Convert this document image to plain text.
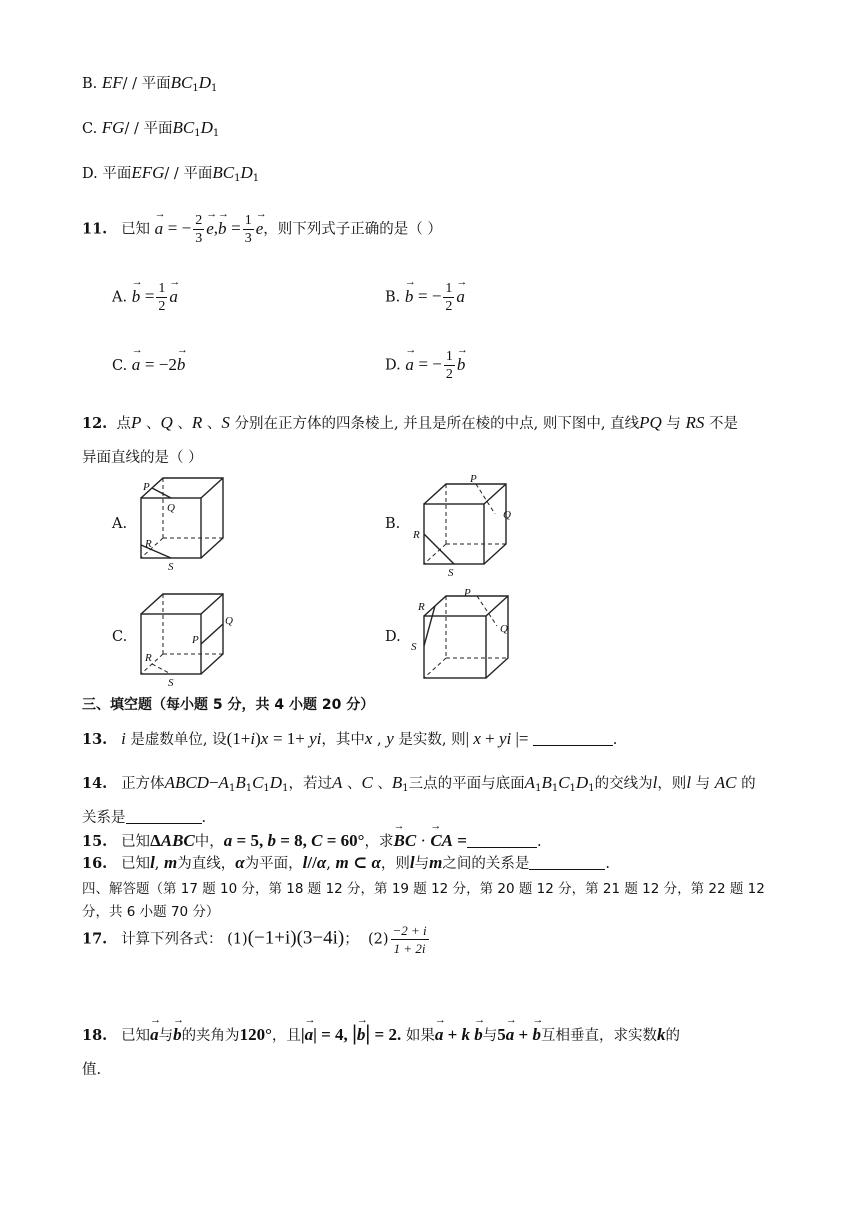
B. EF/ / 平面$BC_1D_1$
C. FG/ / 平面$BC_1D_1$
D. 平面EFG/ / 平面$BC_1D_1$
11. 已知 → a = − $\frac{2}{3}$
→ $e,\to b = \frac{1}{3}$
→ e，则下列式子正确的是（ ）
A. → $b = \frac{1}{2}$
→ a	B. → b = − $\frac{1}{2}$
→ a
C. → a = −2→ b	D. → a = − $\frac{1}{2}$
→ b
12. 点P 、Q 、R 、S 分别在正方体的四条棱上, 并且是所在棱的中点, 则下图中, 直线PQ 与 RS 不是
异面直线的是（ ）
A.	B.
C.	D.
P
Q
R
S
P
Q
R
S
Q
P
R
S
P
Q
R
S
三、填空题（每小题 5 分，共 4 小题 20 分）
13. i 是虚数单位, 设(1+i)x = 1+ yi，其中x , y 是实数, 则| x + yi |=	.
14. 正方体$ABCD-A_1B_1C_1D_1$，若过A 、C 、$B_1$三点的平面与底面$A_1B_1C_1D_1$的交线为l，则l 与 AC 的
关系是	.
15. 已知ΔABC中，a = 5, b = 8, C = 60°，求→ BC · → CA =	.
16. 已知l, m为直线，α为平面，l//α, m ⊂ α，则l与m之间的关系是	.
四、解答题（第 17 题 10 分，第 18 题 12 分，第 19 题 12 分，第 20 题 12 分，第 21 题 12 分，第 22 题 12
分，共 6 小题 70 分）
17. 计算下列各式： (1)(−1+i)(3−4i)； $(2) \frac{-2 + i}{1 + 2i}$
18. 已知→ a与→ b的夹角为120°，且|→ a| = 4, |→ b| = 2. 如果→ a + k → b与5→ a + → b互相垂直，求实数k的
值.
